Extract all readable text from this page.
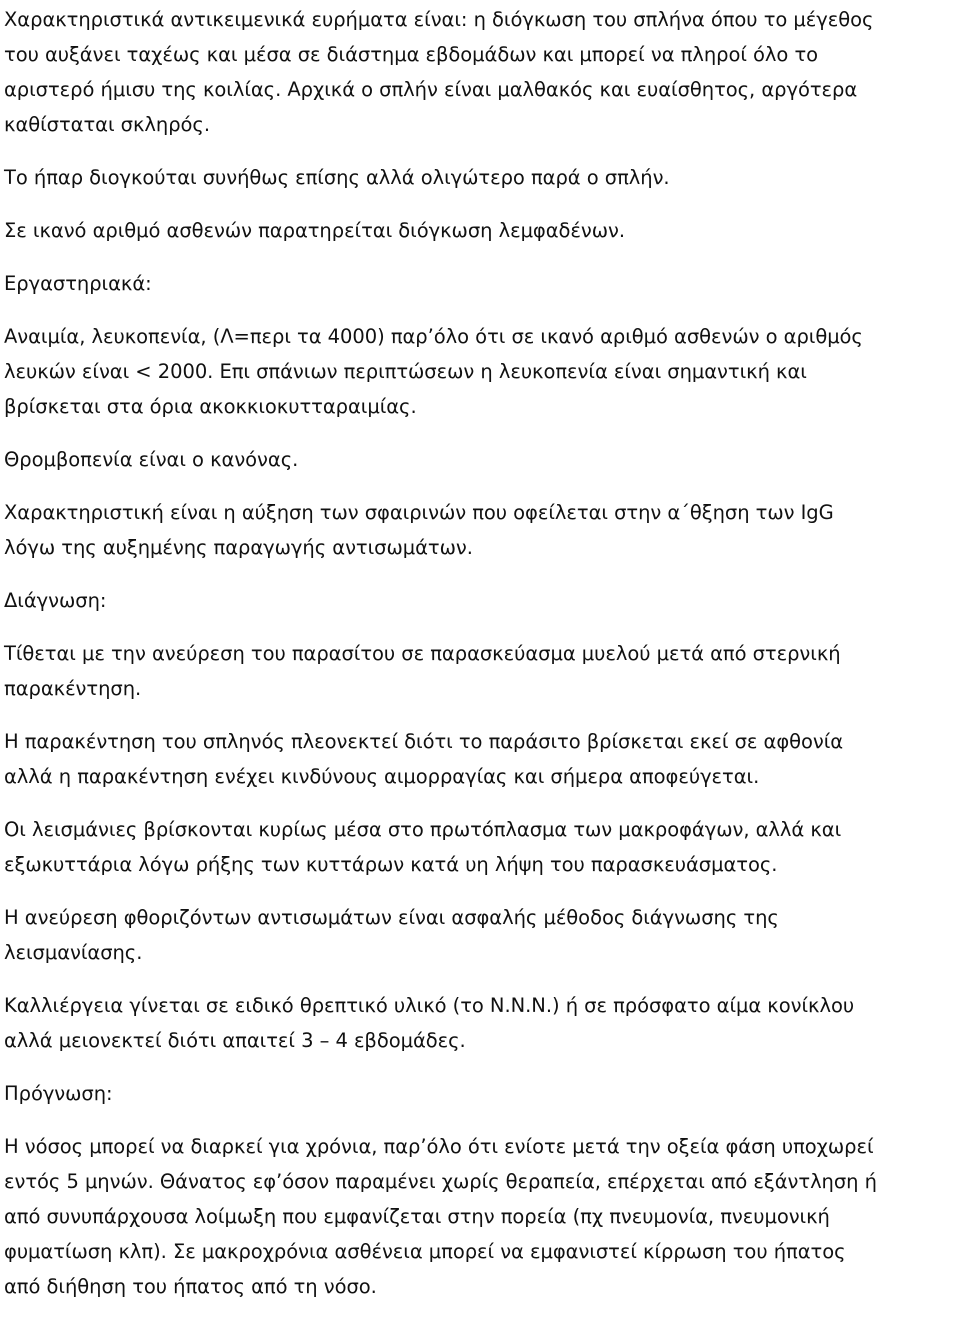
Χαρακτηριστικά αντικειμενικά ευρήματα είναι: η διόγκωση του σπλήνα όπου το μέγεθος
του αυξάνει ταχέως και μέσα σε διάστημα εβδομάδων και μπορεί να πληροί όλο το
αριστερό ήμισυ της κοιλίας. Αρχικά ο σπλήν είναι μαλθακός και ευαίσθητος, αργότερα
καθίσταται σκληρός.
Το ήπαρ διογκούται συνήθως επίσης αλλά ολιγώτερο παρά ο σπλήν.
Σε ικανό αριθμό ασθενών παρατηρείται διόγκωση λεμφαδένων.
Εργαστηριακά:
Αναιμία, λευκοπενία, (Λ=περι τα 4000) παρ’όλο ότι σε ικανό αριθμό ασθενών ο αριθμός
λευκών είναι < 2000. Επι σπάνιων περιπτώσεων η λευκοπενία είναι σημαντική και
βρίσκεται στα όρια ακοκκιοκυτταραιμίας.
Θρομβοπενία είναι ο κανόνας.
Χαρακτηριστική είναι η αύξηση των σφαιρινών που οφείλεται στην α΄θξηση των IgG
λόγω της αυξημένης παραγωγής αντισωμάτων.
Διάγνωση:
Τίθεται με την ανεύρεση του παρασίτου σε παρασκεύασμα μυελού μετά από στερνική
παρακέντηση.
Η παρακέντηση του σπληνός πλεονεκτεί διότι το παράσιτο βρίσκεται εκεί σε αφθονία
αλλά η παρακέντηση ενέχει κινδύνους αιμορραγίας και σήμερα αποφεύγεται.
Οι λεισμάνιες βρίσκονται κυρίως μέσα στο πρωτόπλασμα των μακροφάγων, αλλά και
εξωκυττάρια λόγω ρήξης των κυττάρων κατά υη λήψη του παρασκευάσματος.
Η ανεύρεση φθοριζόντων αντισωμάτων είναι ασφαλής μέθοδος διάγνωσης της
λεισμανίασης.
Καλλιέργεια γίνεται σε ειδικό θρεπτικό υλικό (το Ν.Ν.Ν.) ή σε πρόσφατο αίμα κονίκλου
αλλά μειονεκτεί διότι απαιτεί 3 – 4 εβδομάδες.
Πρόγνωση:
Η νόσος μπορεί να διαρκεί για χρόνια, παρ’όλο ότι ενίοτε μετά την οξεία φάση υποχωρεί
εντός 5 μηνών. Θάνατος εφ’όσον παραμένει χωρίς θεραπεία, επέρχεται από εξάντληση ή
από συνυπάρχουσα λοίμωξη που εμφανίζεται στην πορεία (πχ πνευμονία, πνευμονική
φυματίωση κλπ). Σε μακροχρόνια ασθένεια μπορεί να εμφανιστεί κίρρωση του ήπατος
από διήθηση του ήπατος από τη νόσο.
